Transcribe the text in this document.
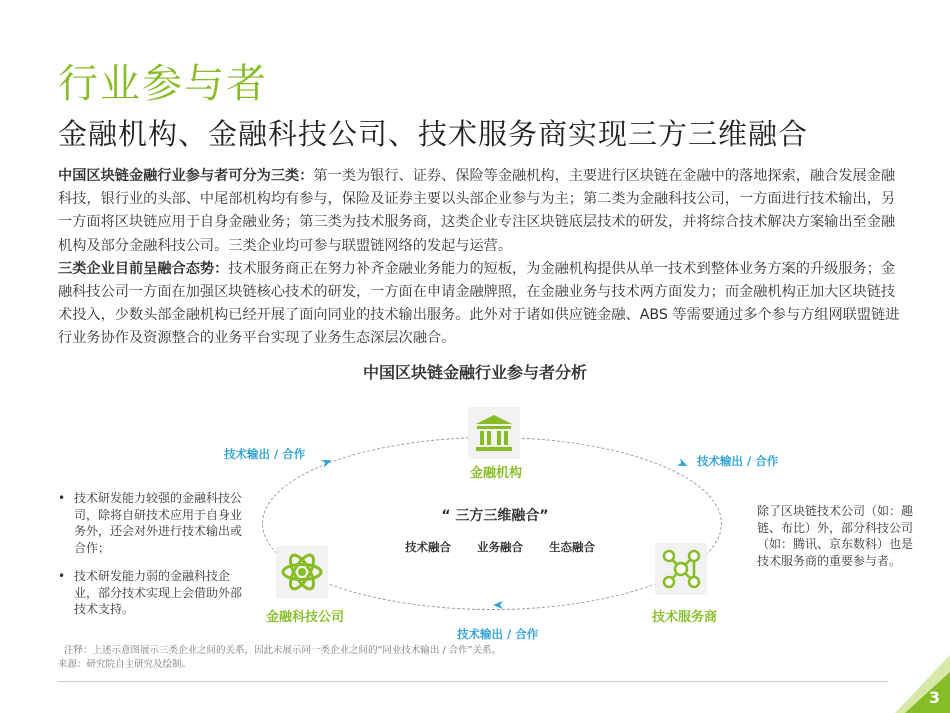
行业参与者
金融机构、金融科技公司、技术服务商实现三方三维融合
中国区块链金融行业参与者可分为三类：第一类为银行、证券、保险等金融机构，主要进行区块链在金融中的落地探索，融合发展金融科技，银行业的头部、中尾部机构均有参与，保险及证券主要以头部企业参与为主；第二类为金融科技公司，一方面进行技术输出，另一方面将区块链应用于自身金融业务；第三类为技术服务商，这类企业专注区块链底层技术的研发，并将综合技术解决方案输出至金融机构及部分金融科技公司。三类企业均可参与联盟链网络的发起与运营。
三类企业目前呈融合态势：技术服务商正在努力补齐金融业务能力的短板，为金融机构提供从单一技术到整体业务方案的升级服务；金融科技公司一方面在加强区块链核心技术的研发，一方面在申请金融牌照，在金融业务与技术两方面发力；而金融机构正加大区块链技术投入，少数头部金融机构已经开展了面向同业的技术输出服务。此外对于诸如供应链金融、ABS 等需要通过多个参与方组网联盟链进行业务协作及资源整合的业务平台实现了业务生态深层次融合。
中国区块链金融行业参与者分析
金融机构
金融科技公司	技术服务商
“ 三方三维融合”
技术融合 业务融合 生态融合
技术输出 / 合作	技术输出 / 合作
技术输出 / 合作
• 技术研发能力较强的金融科技公司，除将自研技术应用于自身业务外，还会对外进行技术输出或合作；
• 技术研发能力弱的金融科技企业，部分技术实现上会借助外部技术支持。
除了区块链技术公司（如：趣链、布比）外，部分科技公司（如：腾讯、京东数科）也是技术服务商的重要参与者。
注释：上述示意图展示三类企业之间的关系，因此未展示同一类企业之间的“同业技术输出 / 合作”关系。
来源：研究院自主研究及绘制。
3
